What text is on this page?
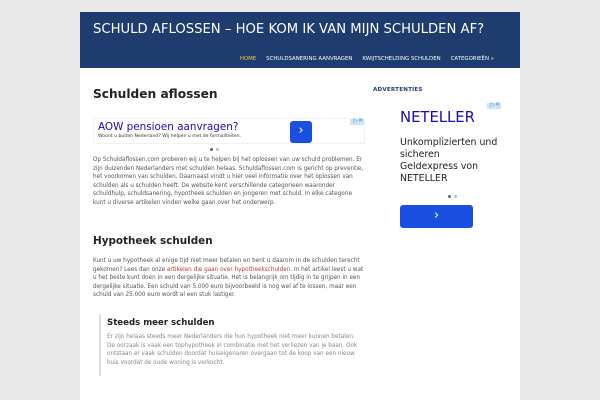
SCHULD AFLOSSEN – HOE KOM IK VAN MIJN SCHULDEN AF?
HOME SCHULDSANERING AANVRAGEN KWIJTSCHELDING SCHULDEN CATEGORIEËN »
Schulden aflossen
AOW pensioen aanvragen?
Woont u buiten Nederland? Wij helpen u met de formaliteiten.	›
▷✕

Op Schuldaflossen.com proberen wij u te helpen bij het oplossen van uw schuld problemen. Er zijn duizenden Nederlanders met schulden helaas. Schuldaflossen.com is gericht op preventie, het voorkomen van schulden. Daarnaast vindt u hier veel informatie over het oplossen van schulden als u schulden heeft. De website kent verschillende categorieen waaronder schuldhulp, schuldsanering, hypotheek schulden en jongeren met schuld. In elke categorie kunt u diverse artikelen vinden welke gaan over het onderwerp.

Hypotheek schulden

Kunt u uw hypotheek al enige tijd niet meer betalen en bent u daarom in de schulden terecht gekomen? Lees dan onze artikelen die gaan over hypotheekschulden. In het artikel leest u wat u het beste kunt doen in een dergelijke situatie. Het is belangrijk om tijdig in te grijpen in een dergelijke situatie. Een schuld van 5.000 euro bijvoorbeeld is nog wel af te lossen, maar een schuld van 25.000 euro wordt al een stuk lastiger.

Steeds meer schulden

Er zijn helaas steeds meer Nederlanders die hun hypotheek niet meer kunnen betalen. De oorzaak is vaak een tophypotheek in combinatie met het verliezen van je baan. Ook ontstaan er vaak schulden doordat huiseigenaren overgaan tot de koop van een nieuw huis voordat de oude woning is verkocht.

ADVERTENTIES
▷✕
NETELLER
Unkomplizierten und sicheren Geldexpress von NETELLER
›
